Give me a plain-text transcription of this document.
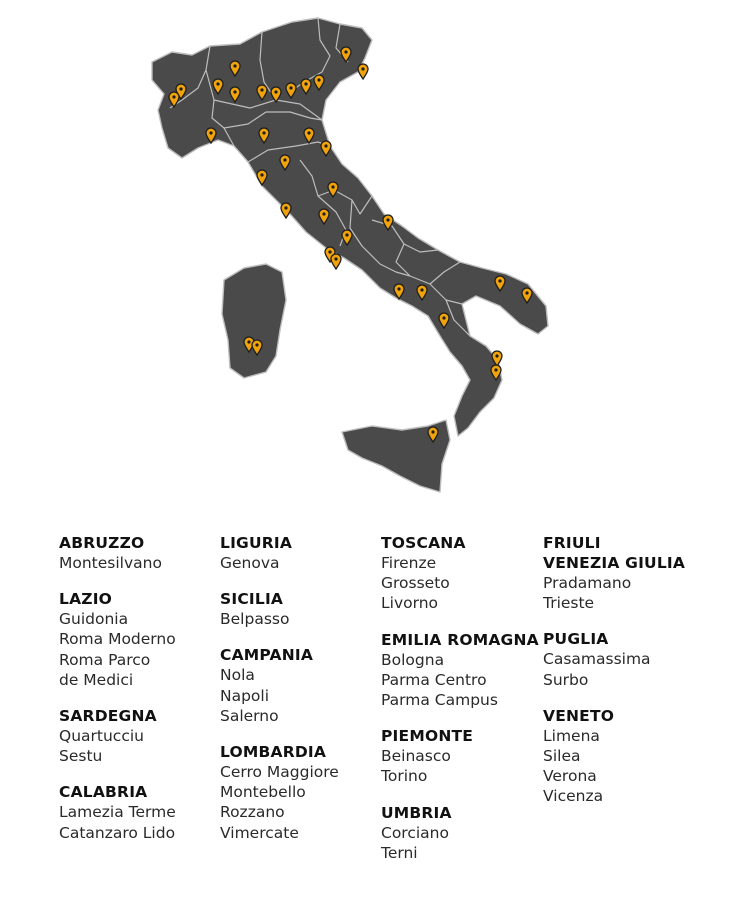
ABRUZZO
Montesilvano
LAZIO
Guidonia
Roma Moderno
Roma Parco
de Medici
SARDEGNA
Quartucciu
Sestu
CALABRIA
Lamezia Terme
Catanzaro Lido
LIGURIA
Genova
SICILIA
Belpasso
CAMPANIA
Nola
Napoli
Salerno
LOMBARDIA
Cerro Maggiore
Montebello
Rozzano
Vimercate
TOSCANA
Firenze
Grosseto
Livorno
EMILIA ROMAGNA
Bologna
Parma Centro
Parma Campus
PIEMONTE
Beinasco
Torino
UMBRIA
Corciano
Terni
FRIULI
VENEZIA GIULIA
Pradamano
Trieste
PUGLIA
Casamassima
Surbo
VENETO
Limena
Silea
Verona
Vicenza
